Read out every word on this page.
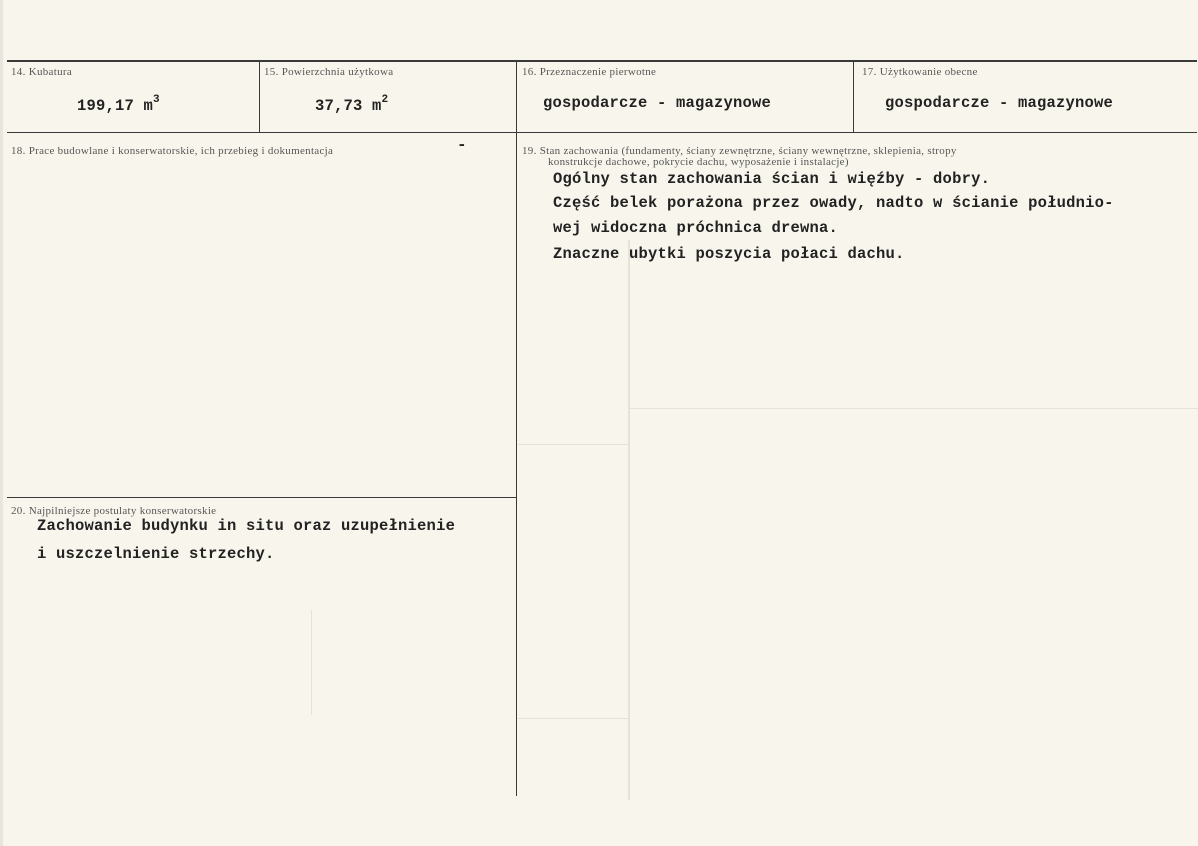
14. Kubatura
199,17 $m^3$
15. Powierzchnia użytkowa
37,73 $m^2$
16. Przeznaczenie pierwotne
gospodarcze - magazynowe
17. Użytkowanie obecne
gospodarcze - magazynowe
18. Prace budowlane i konserwatorskie, ich przebieg i dokumentacja	-	19. Stan zachowania (fundamenty, ściany zewnętrzne, ściany wewnętrzne, sklepienia, stropy
konstrukcje dachowe, pokrycie dachu, wyposażenie i instalacje)
Ogólny stan zachowania ścian i więźby - dobry.
Część belek porażona przez owady, nadto w ścianie południo-
wej widoczna próchnica drewna.
Znaczne ubytki poszycia połaci dachu.
20. Najpilniejsze postulaty konserwatorskie
Zachowanie budynku in situ oraz uzupełnienie
i uszczelnienie strzechy.
